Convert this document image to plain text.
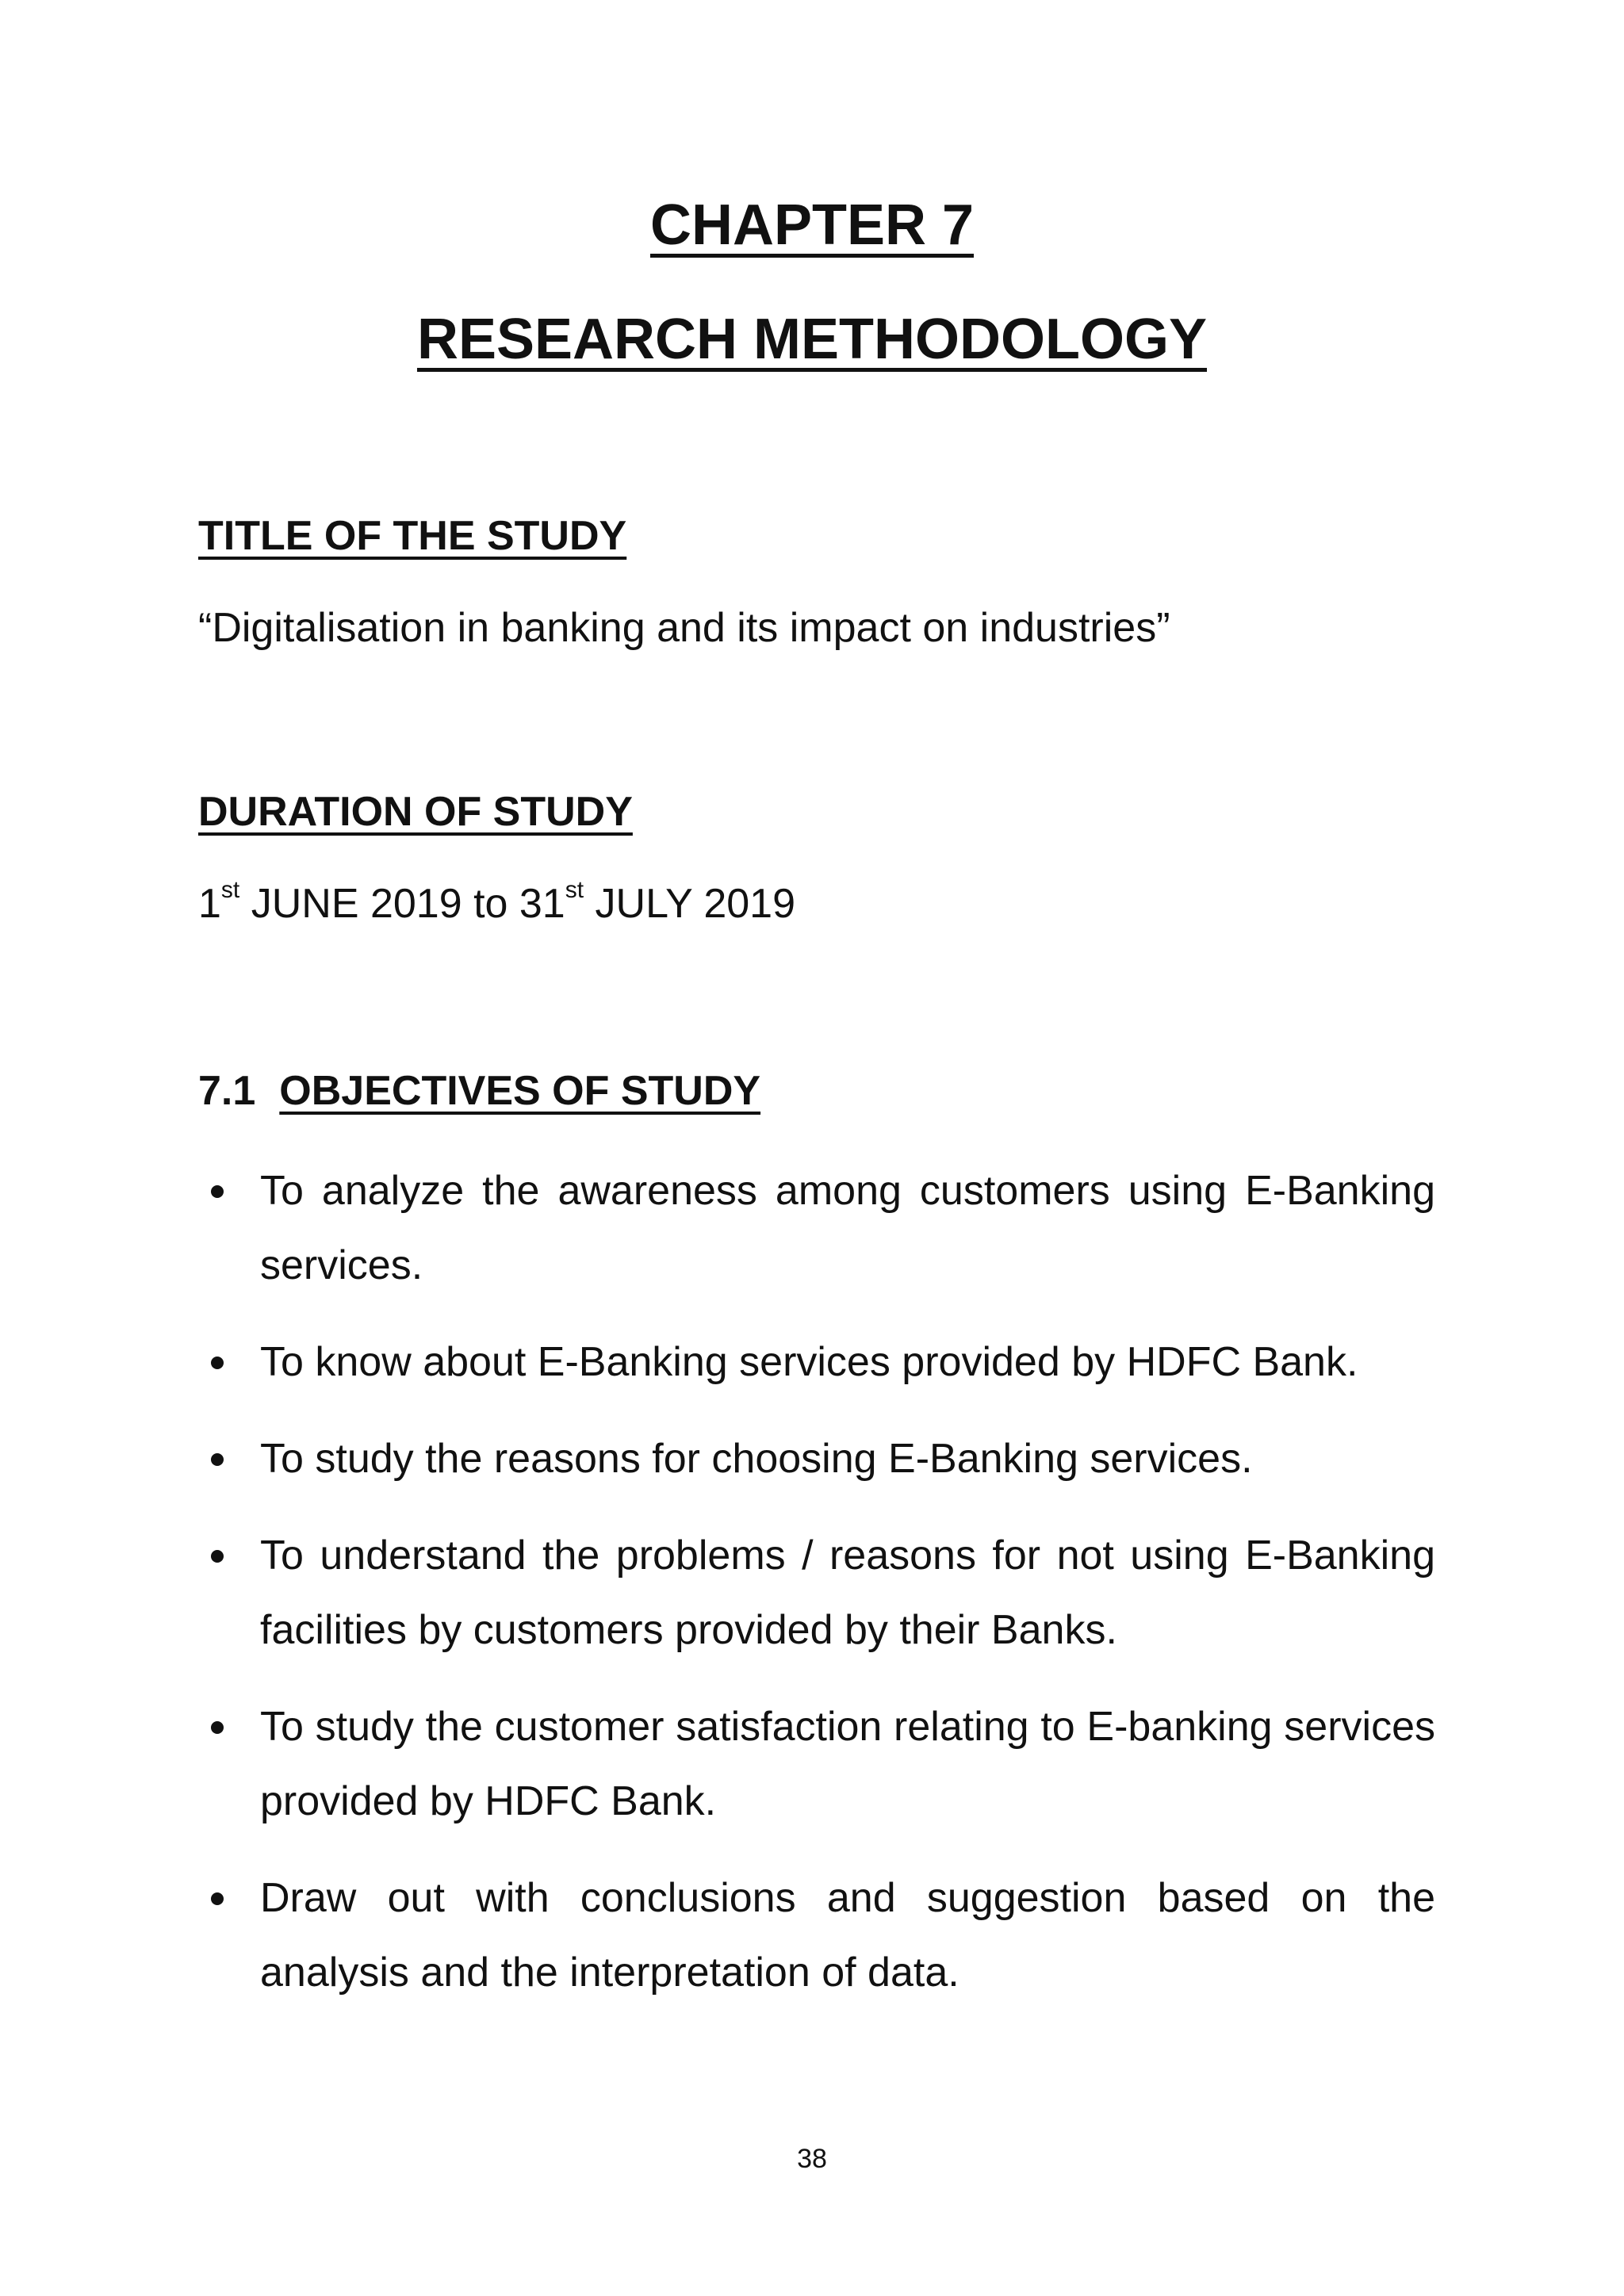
CHAPTER 7
RESEARCH METHODOLOGY
TITLE OF THE STUDY
“Digitalisation in banking and its impact on industries”
DURATION OF STUDY
1st JUNE 2019 to 31st JULY 2019
7.1 OBJECTIVES OF STUDY
To analyze the awareness among customers using E-Banking services.
To know about E-Banking services provided by HDFC Bank.
To study the reasons for choosing E-Banking services.
To understand the problems / reasons for not using E-Banking facilities by customers provided by their Banks.
To study the customer satisfaction relating to E-banking services provided by HDFC Bank.
Draw out with conclusions and suggestion based on the analysis and the interpretation of data.
38
